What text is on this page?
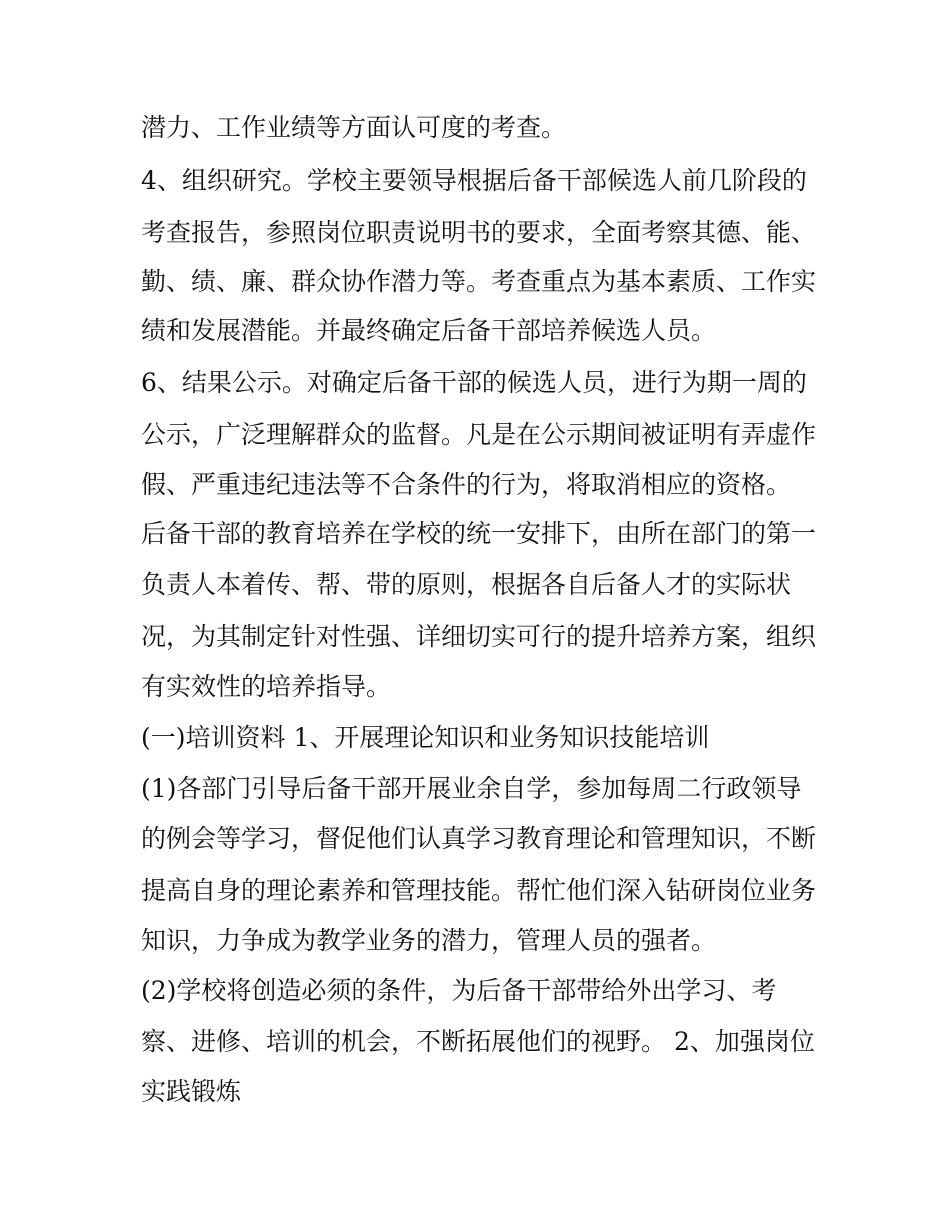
潜力、工作业绩等方面认可度的考查。

4、组织研究。学校主要领导根据后备干部候选人前几阶段的

考查报告，参照岗位职责说明书的要求，全面考察其德、能、

勤、绩、廉、群众协作潜力等。考查重点为基本素质、工作实

绩和发展潜能。并最终确定后备干部培养候选人员。

6、结果公示。对确定后备干部的候选人员，进行为期一周的

公示，广泛理解群众的监督。凡是在公示期间被证明有弄虚作

假、严重违纪违法等不合条件的行为，将取消相应的资格。

后备干部的教育培养在学校的统一安排下，由所在部门的第一

负责人本着传、帮、带的原则，根据各自后备人才的实际状

况，为其制定针对性强、详细切实可行的提升培养方案，组织

有实效性的培养指导。

(一)培训资料 1、开展理论知识和业务知识技能培训

(1)各部门引导后备干部开展业余自学，参加每周二行政领导

的例会等学习，督促他们认真学习教育理论和管理知识，不断

提高自身的理论素养和管理技能。帮忙他们深入钻研岗位业务

知识，力争成为教学业务的潜力，管理人员的强者。

(2)学校将创造必须的条件，为后备干部带给外出学习、考

察、进修、培训的机会，不断拓展他们的视野。 2、加强岗位

实践锻炼
